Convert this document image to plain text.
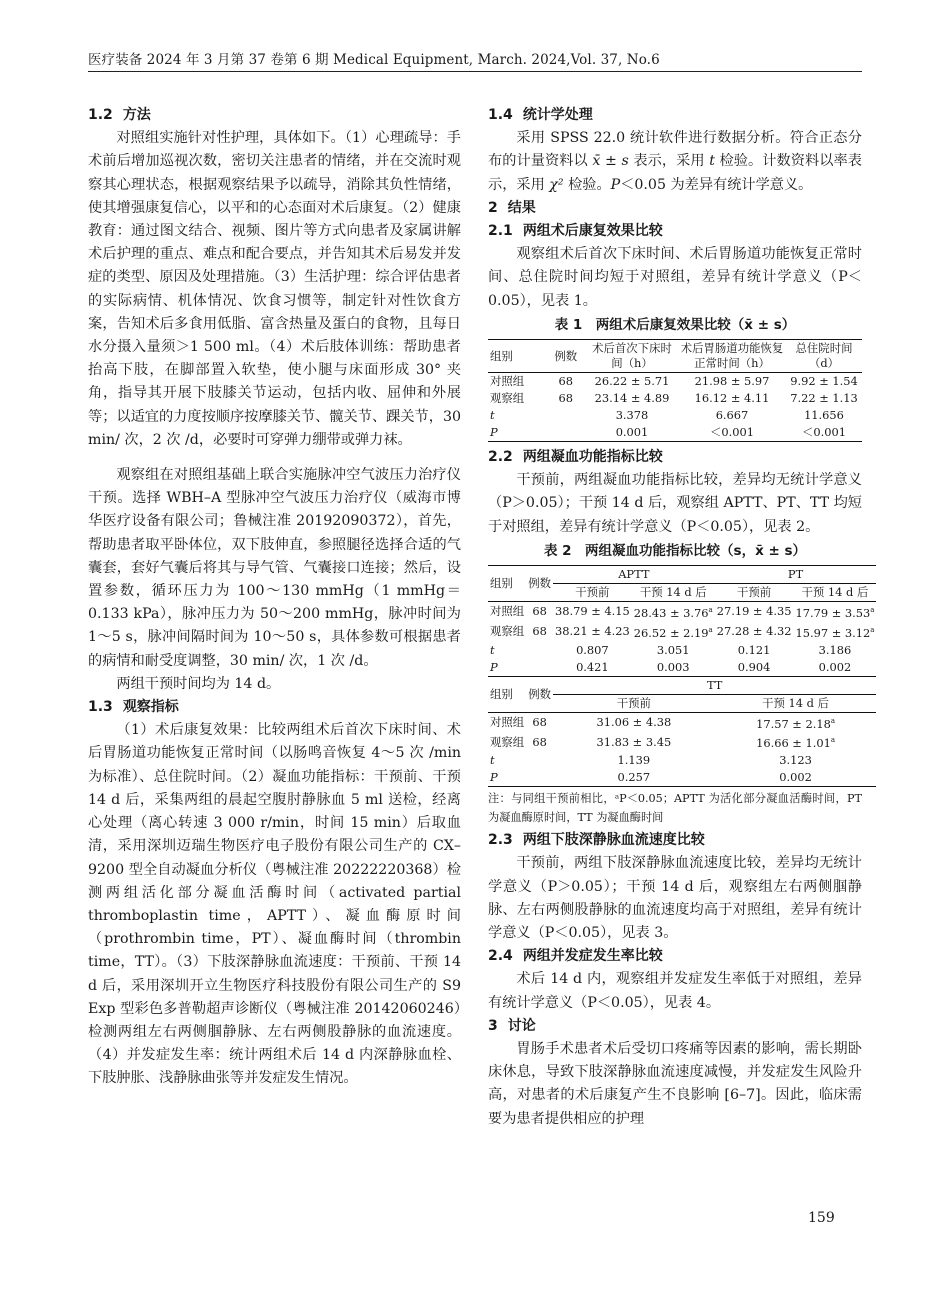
医疗装备 2024 年 3 月第 37 卷第 6 期 Medical Equipment, March. 2024,Vol. 37, No.6
1.2 方法

对照组实施针对性护理，具体如下。（1）心理疏导：手术前后增加巡视次数，密切关注患者的情绪，并在交流时观察其心理状态，根据观察结果予以疏导，消除其负性情绪，使其增强康复信心，以平和的心态面对术后康复。（2）健康教育：通过图文结合、视频、图片等方式向患者及家属讲解术后护理的重点、难点和配合要点，并告知其术后易发并发症的类型、原因及处理措施。（3）生活护理：综合评估患者的实际病情、机体情况、饮食习惯等，制定针对性饮食方案，告知术后多食用低脂、富含热量及蛋白的食物，且每日水分摄入量须＞1 500 ml。（4）术后肢体训练：帮助患者抬高下肢，在脚部置入软垫，使小腿与床面形成 30° 夹角，指导其开展下肢膝关节运动，包括内收、屈伸和外展等；以适宜的力度按顺序按摩膝关节、髋关节、踝关节，30 min/ 次，2 次 /d，必要时可穿弹力绷带或弹力袜。

观察组在对照组基础上联合实施脉冲空气波压力治疗仪干预。选择 WBH–A 型脉冲空气波压力治疗仪（威海市博华医疗设备有限公司；鲁械注准 20192090372），首先，帮助患者取平卧体位，双下肢伸直，参照腿径选择合适的气囊套，套好气囊后将其与导气管、气囊接口连接；然后，设置参数，循环压力为 100～130 mmHg（1 mmHg＝0.133 kPa），脉冲压力为 50～200 mmHg，脉冲时间为 1～5 s，脉冲间隔时间为 10～50 s，具体参数可根据患者的病情和耐受度调整，30 min/ 次，1 次 /d。

两组干预时间均为 14 d。

1.3 观察指标

（1）术后康复效果：比较两组术后首次下床时间、术后胃肠道功能恢复正常时间（以肠鸣音恢复 4～5 次 /min 为标准）、总住院时间。（2）凝血功能指标：干预前、干预 14 d 后，采集两组的晨起空腹肘静脉血 5 ml 送检，经离心处理（离心转速 3 000 r/min，时间 15 min）后取血清，采用深圳迈瑞生物医疗电子股份有限公司生产的 CX–9200 型全自动凝血分析仪（粤械注准 20222220368）检测两组活化部分凝血活酶时间（activated partial thromboplastin time，APTT）、凝血酶原时间（prothrombin time，PT）、凝血酶时间（thrombin time，TT）。（3）下肢深静脉血流速度：干预前、干预 14 d 后，采用深圳开立生物医疗科技股份有限公司生产的 S9 Exp 型彩色多普勒超声诊断仪（粤械注准 20142060246）检测两组左右两侧腘静脉、左右两侧股静脉的血流速度。（4）并发症发生率：统计两组术后 14 d 内深静脉血栓、下肢肿胀、浅静脉曲张等并发症发生情况。

1.4 统计学处理

采用 SPSS 22.0 统计软件进行数据分析。符合正态分布的计量资料以 x̄ ± s 表示，采用 t 检验。计数资料以率表示，采用 χ² 检验。P＜0.05 为差异有统计学意义。

2 结果
2.1 两组术后康复效果比较

观察组术后首次下床时间、术后胃肠道功能恢复正常时间、总住院时间均短于对照组，差异有统计学意义（P＜0.05），见表 1。

表 1　两组术后康复效果比较（x̄ ± s）
组别	例数	术后首次下床时间（h）	术后胃肠道功能恢复正常时间（h）	总住院时间（d）
对照组	68	26.22 ± 5.71	21.98 ± 5.97	9.92 ± 1.54
观察组	68	23.14 ± 4.89	16.12 ± 4.11	7.22 ± 1.13
t		3.378	6.667	11.656
P		0.001	＜0.001	＜0.001
2.2 两组凝血功能指标比较

干预前，两组凝血功能指标比较，差异均无统计学意义（P＞0.05）；干预 14 d 后，观察组 APTT、PT、TT 均短于对照组，差异有统计学意义（P＜0.05），见表 2。

表 2　两组凝血功能指标比较（s，x̄ ± s）
组别	例数	APTT		PT	
		干预前	干预 14 d 后	干预前	干预 14 d 后
对照组	68	38.79 ± 4.15	28.43 ± 3.76$^a$	27.19 ± 4.35	17.79 ± 3.53$^a$
观察组	68	38.21 ± 4.23	26.52 ± 2.19$^a$	27.28 ± 4.32	15.97 ± 3.12$^a$
t		0.807	3.051	0.121	3.186
P		0.421	0.003	0.904	0.002
组别	例数	TT			
		干预前		干预 14 d 后	
对照组	68	31.06 ± 4.38		17.57 ± 2.18$^a$
观察组	68	31.83 ± 3.45		16.66 ± 1.01$^a$
t		1.139		3.123	
P		0.257		0.002	
注：与同组干预前相比，ᵃP＜0.05；APTT 为活化部分凝血活酶时间，PT 为凝血酶原时间，TT 为凝血酶时间
2.3 两组下肢深静脉血流速度比较

干预前，两组下肢深静脉血流速度比较，差异均无统计学意义（P＞0.05）；干预 14 d 后，观察组左右两侧腘静脉、左右两侧股静脉的血流速度均高于对照组，差异有统计学意义（P＜0.05），见表 3。

2.4 两组并发症发生率比较

术后 14 d 内，观察组并发症发生率低于对照组，差异有统计学意义（P＜0.05），见表 4。

3 讨论

胃肠手术患者术后受切口疼痛等因素的影响，需长期卧床休息，导致下肢深静脉血流速度减慢，并发症发生风险升高，对患者的术后康复产生不良影响 [6–7]。因此，临床需要为患者提供相应的护理

159
